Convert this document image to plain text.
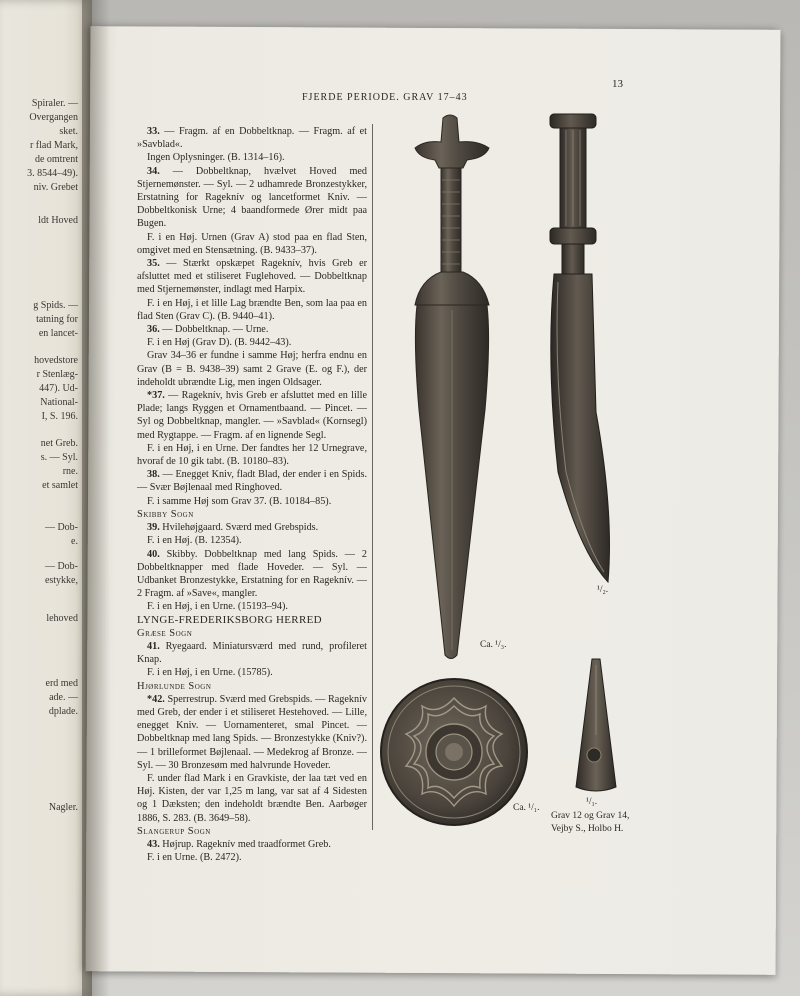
Spiraler. —
Overgangen
sket.
r flad Mark,
de omtrent
3. 8544–49).
niv. Grebet
ldt Hoved
g Spids. —
tatning for
en lancet-
hovedstore
r Stenlæg-
447). Ud-
National-
I, S. 196.
net Greb.
s. — Syl.
rne.
et samlet
— Dob-
e.
— Dob-
estykke,
lehoved
erd med
ade. —
dplade.
Nagler.
FJERDE PERIODE. GRAV 17–43
13

33. — Fragm. af en Dobbeltknap. — Fragm. af et »Savblad«.

Ingen Oplysninger. (B. 1314–16).

34. — Dobbeltknap, hvælvet Hoved med Stjernemønster. — Syl. — 2 udhamrede Bronzestykker, Erstatning for Rageknív og lancetformet Kniv. — Dobbeltkonisk Urne; 4 baandformede Ører midt paa Bugen.

F. i en Høj. Urnen (Grav A) stod paa en flad Sten, omgivet med en Stensætning. (B. 9433–37).

35. — Stærkt opskæpet Rageknív, hvis Greb er afsluttet med et stiliseret Fuglehoved. — Dobbeltknap med Stjernemønster, indlagt med Harpix.

F. i en Høj, i et lille Lag brændte Ben, som laa paa en flad Sten (Grav C). (B. 9440–41).

36. — Dobbeltknap. — Urne.

F. i en Høj (Grav D). (B. 9442–43).

Grav 34–36 er fundne i samme Høj; herfra endnu en Grav (B = B. 9438–39) samt 2 Grave (E. og F.), der indeholdt ubrændte Lig, men ingen Oldsager.

*37. — Rageknív, hvis Greb er afsluttet med en lille Plade; langs Ryggen et Ornamentbaand. — Pincet. — Syl og Dobbeltknap, mangler. — »Savblad« (Kornsegl) med Rygtappe. — Fragm. af en lignende Segl.

F. i en Høj, i en Urne. Der fandtes her 12 Urnegrave, hvoraf de 10 gik tabt. (B. 10180–83).

38. — Enegget Kniv, fladt Blad, der ender i en Spids. — Svær Bøjlenaal med Ringhoved.

F. i samme Høj som Grav 37. (B. 10184–85).

Skibby Sogn

39. Hvilehøjgaard. Sværd med Grebspids.

F. i en Høj. (B. 12354).

40. Skibby. Dobbeltknap med lang Spids. — 2 Dobbeltknapper med flade Hoveder. — Syl. — Udbanket Bronzestykke, Erstatning for en Rageknív. — 2 Fragm. af »Save«, mangler.

F. i en Høj, i en Urne. (15193–94).

LYNGE-FREDERIKSBORG HERRED

Græse Sogn

41. Ryegaard. Miniatursværd med rund, profileret Knap.

F. i en Høj, i en Urne. (15785).

Hjørlunde Sogn

*42. Sperrestrup. Sværd med Grebspids. — Rageknív med Greb, der ender i et stiliseret Hestehoved. — Lille, enegget Kniv. — Uornamenteret, smal Pincet. — Dobbeltknap med lang Spids. — Bronzestykke (Kniv?). — 1 brilleformet Bøjlenaal. — Medekrog af Bronze. — Syl. — 30 Bronzesøm med halvrunde Hoveder.

F. under flad Mark i en Gravkiste, der laa tæt ved en Høj. Kisten, der var 1,25 m lang, var sat af 4 Sidesten og 1 Dæksten; den indeholdt brændte Ben. Aarbøger 1886, S. 283. (B. 3649–58).

Slangerup Sogn

43. Højrup. Rageknív med traadformet Greb.

F. i en Urne. (B. 2472).

Ca. ¹/₃.
¹/₂.
Ca. ¹/₁.
¹/₁.
Grav 12 og Grav 14,
Vejby S., Holbo H.
